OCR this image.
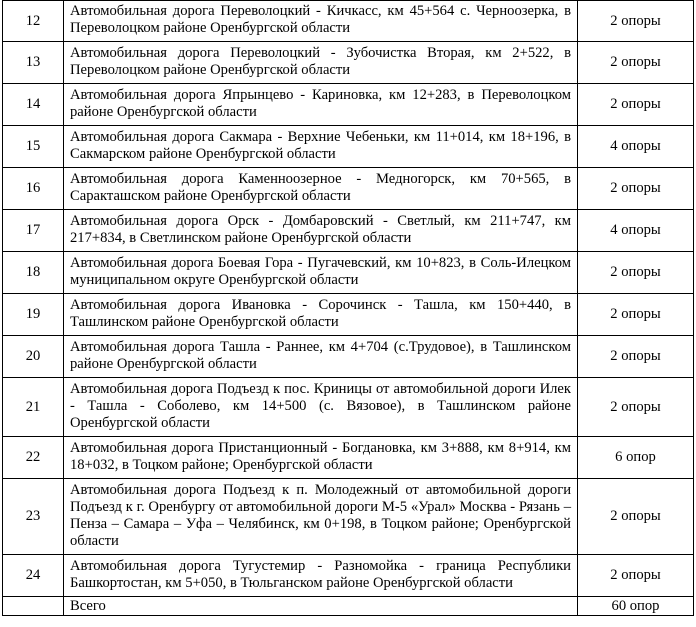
12	Автомобильная дорога Переволоцкий - Кичкасс, км 45+564 с. Черноозерка, в Переволоцком районе Оренбургской области	2 опоры
13	Автомобильная дорога Переволоцкий - Зубочистка Вторая, км 2+522, в Переволоцком районе Оренбургской области	2 опоры
14	Автомобильная дорога Япрынцево - Кариновка, км 12+283, в Переволоцком районе Оренбургской области	2 опоры
15	Автомобильная дорога Сакмара - Верхние Чебеньки, км 11+014, км 18+196, в Сакмарском районе Оренбургской области	4 опоры
16	Автомобильная дорога Каменноозерное - Медногорск, км 70+565, в Саракташском районе Оренбургской области	2 опоры
17	Автомобильная дорога Орск - Домбаровский - Светлый, км 211+747, км 217+834, в Светлинском районе Оренбургской области	4 опоры
18	Автомобильная дорога Боевая Гора - Пугачевский, км 10+823, в Соль-Илецком муниципальном округе Оренбургской области	2 опоры
19	Автомобильная дорога Ивановка - Сорочинск - Ташла, км 150+440, в Ташлинском районе Оренбургской области	2 опоры
20	Автомобильная дорога Ташла - Раннее, км 4+704 (с.Трудовое), в Ташлинском районе Оренбургской области	2 опоры
21	Автомобильная дорога Подъезд к пос. Криницы от автомобильной дороги Илек - Ташла - Соболево, км 14+500 (с. Вязовое), в Ташлинском районе Оренбургской области	2 опоры
22	Автомобильная дорога Пристанционный - Богдановка, км 3+888, км 8+914, км 18+032, в Тоцком районе; Оренбургской области	6 опор
23	Автомобильная дорога Подъезд к п. Молодежный от автомобильной дороги Подъезд к г. Оренбургу от автомобильной дороги М-5 «Урал» Москва - Рязань – Пенза – Самара – Уфа – Челябинск, км 0+198, в Тоцком районе; Оренбургской области	2 опоры
24	Автомобильная дорога Тугустемир - Разномойка - граница Республики Башкортостан, км 5+050, в Тюльганском районе Оренбургской области	2 опоры
	Всего	60 опор
